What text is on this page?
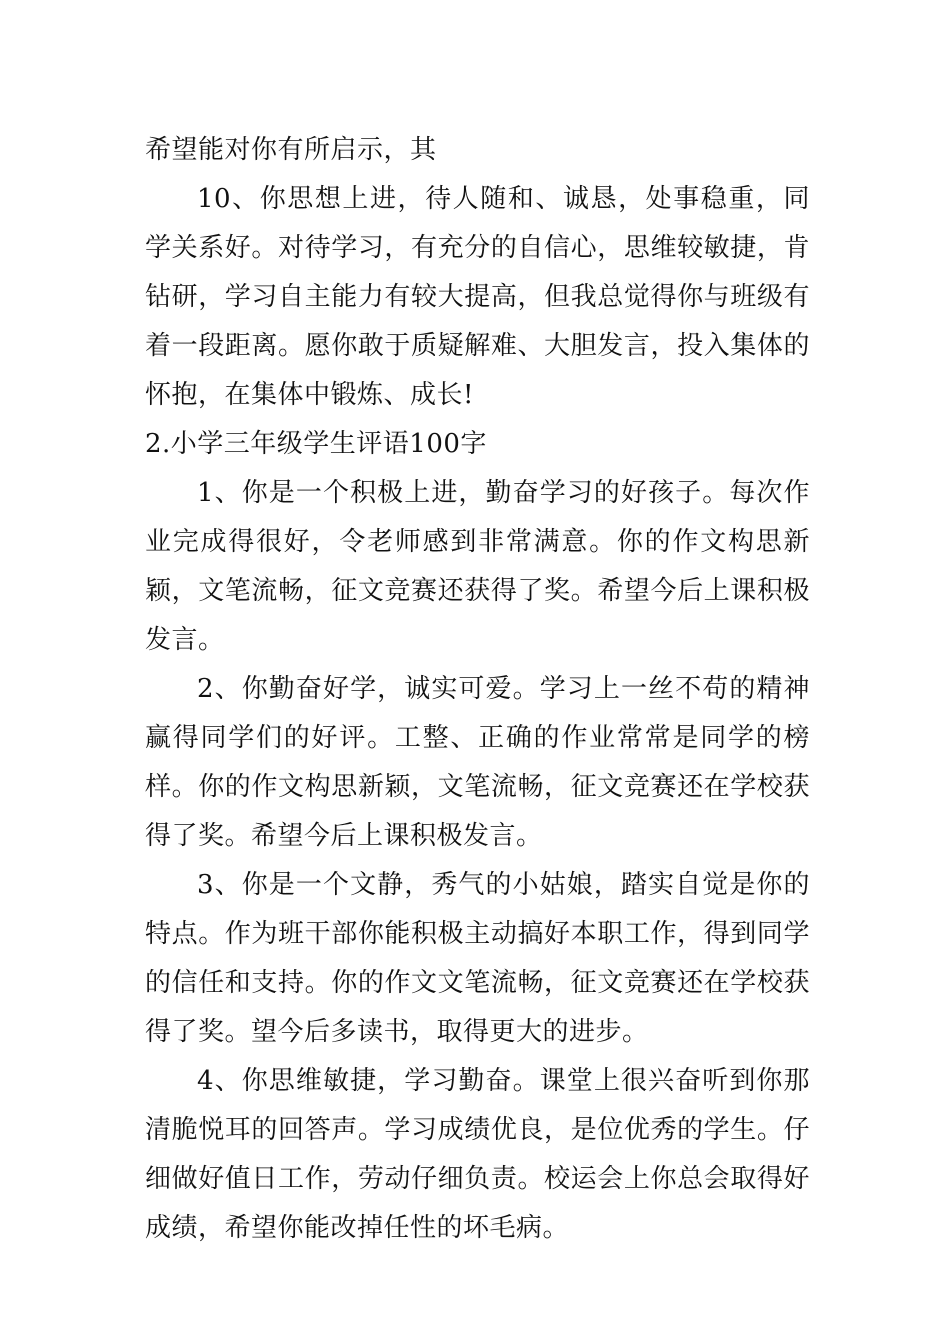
希望能对你有所启示，其

10、你思想上进，待人随和、诚恳，处事稳重，同学关系好。对待学习，有充分的自信心，思维较敏捷，肯钻研，学习自主能力有较大提高，但我总觉得你与班级有着一段距离。愿你敢于质疑解难、大胆发言，投入集体的怀抱，在集体中锻炼、成长!

2.小学三年级学生评语100字

1、你是一个积极上进，勤奋学习的好孩子。每次作业完成得很好，令老师感到非常满意。你的作文构思新颖，文笔流畅，征文竞赛还获得了奖。希望今后上课积极发言。

2、你勤奋好学，诚实可爱。学习上一丝不苟的精神赢得同学们的好评。工整、正确的作业常常是同学的榜样。你的作文构思新颖，文笔流畅，征文竞赛还在学校获得了奖。希望今后上课积极发言。

3、你是一个文静，秀气的小姑娘，踏实自觉是你的特点。作为班干部你能积极主动搞好本职工作，得到同学的信任和支持。你的作文文笔流畅，征文竞赛还在学校获得了奖。望今后多读书，取得更大的进步。

4、你思维敏捷，学习勤奋。课堂上很兴奋听到你那清脆悦耳的回答声。学习成绩优良，是位优秀的学生。仔细做好值日工作，劳动仔细负责。校运会上你总会取得好成绩，希望你能改掉任性的坏毛病。
